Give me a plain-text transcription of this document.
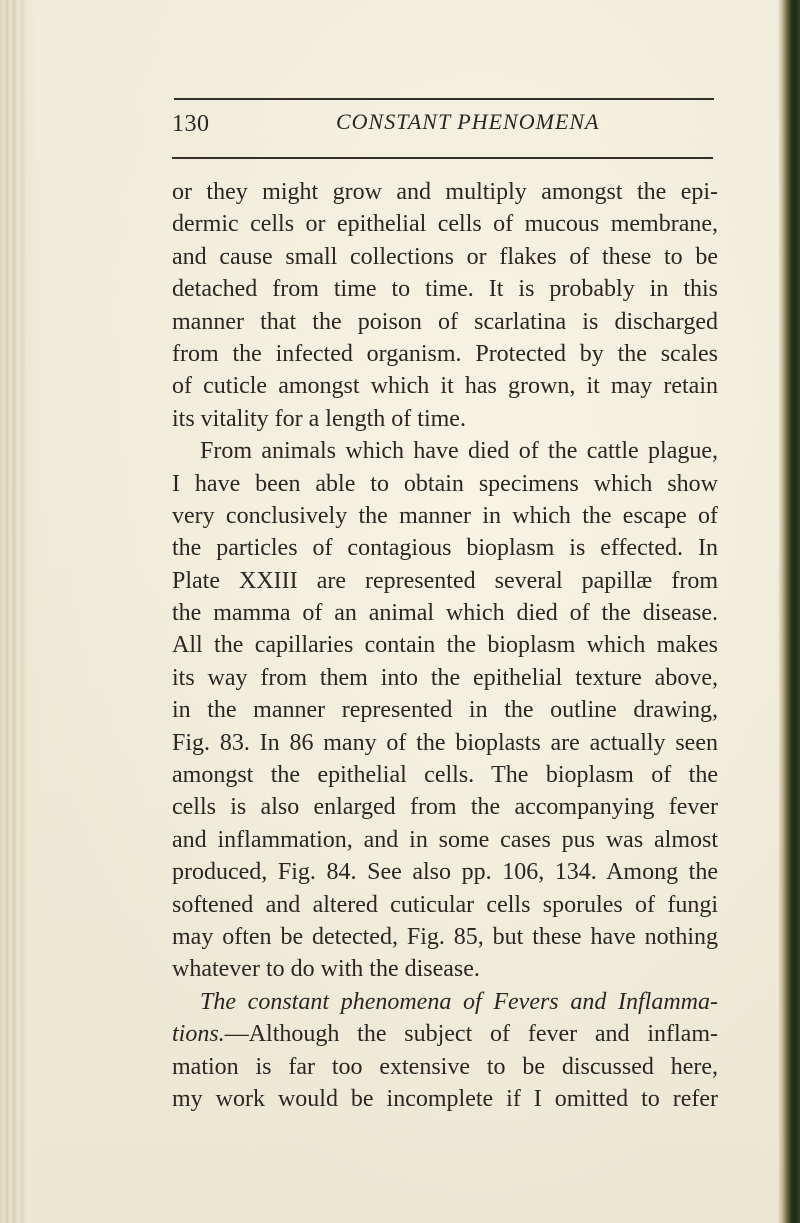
130	CONSTANT PHENOMENA
or they might grow and multiply amongst the epi-
dermic cells or epithelial cells of mucous membrane,
and cause small collections or flakes of these to be
detached from time to time. It is probably in this
manner that the poison of scarlatina is discharged
from the infected organism. Protected by the scales
of cuticle amongst which it has grown, it may retain
its vitality for a length of time.
From animals which have died of the cattle plague,
I have been able to obtain specimens which show
very conclusively the manner in which the escape of
the particles of contagious bioplasm is effected. In
Plate XXIII are represented several papillæ from
the mamma of an animal which died of the disease.
All the capillaries contain the bioplasm which makes
its way from them into the epithelial texture above,
in the manner represented in the outline drawing,
Fig. 83. In 86 many of the bioplasts are actually seen
amongst the epithelial cells. The bioplasm of the
cells is also enlarged from the accompanying fever
and inflammation, and in some cases pus was almost
produced, Fig. 84. See also pp. 106, 134. Among the
softened and altered cuticular cells sporules of fungi
may often be detected, Fig. 85, but these have nothing
whatever to do with the disease.
The constant phenomena of Fevers and Inflamma-
tions.—Although the subject of fever and inflam-
mation is far too extensive to be discussed here,
my work would be incomplete if I omitted to refer
